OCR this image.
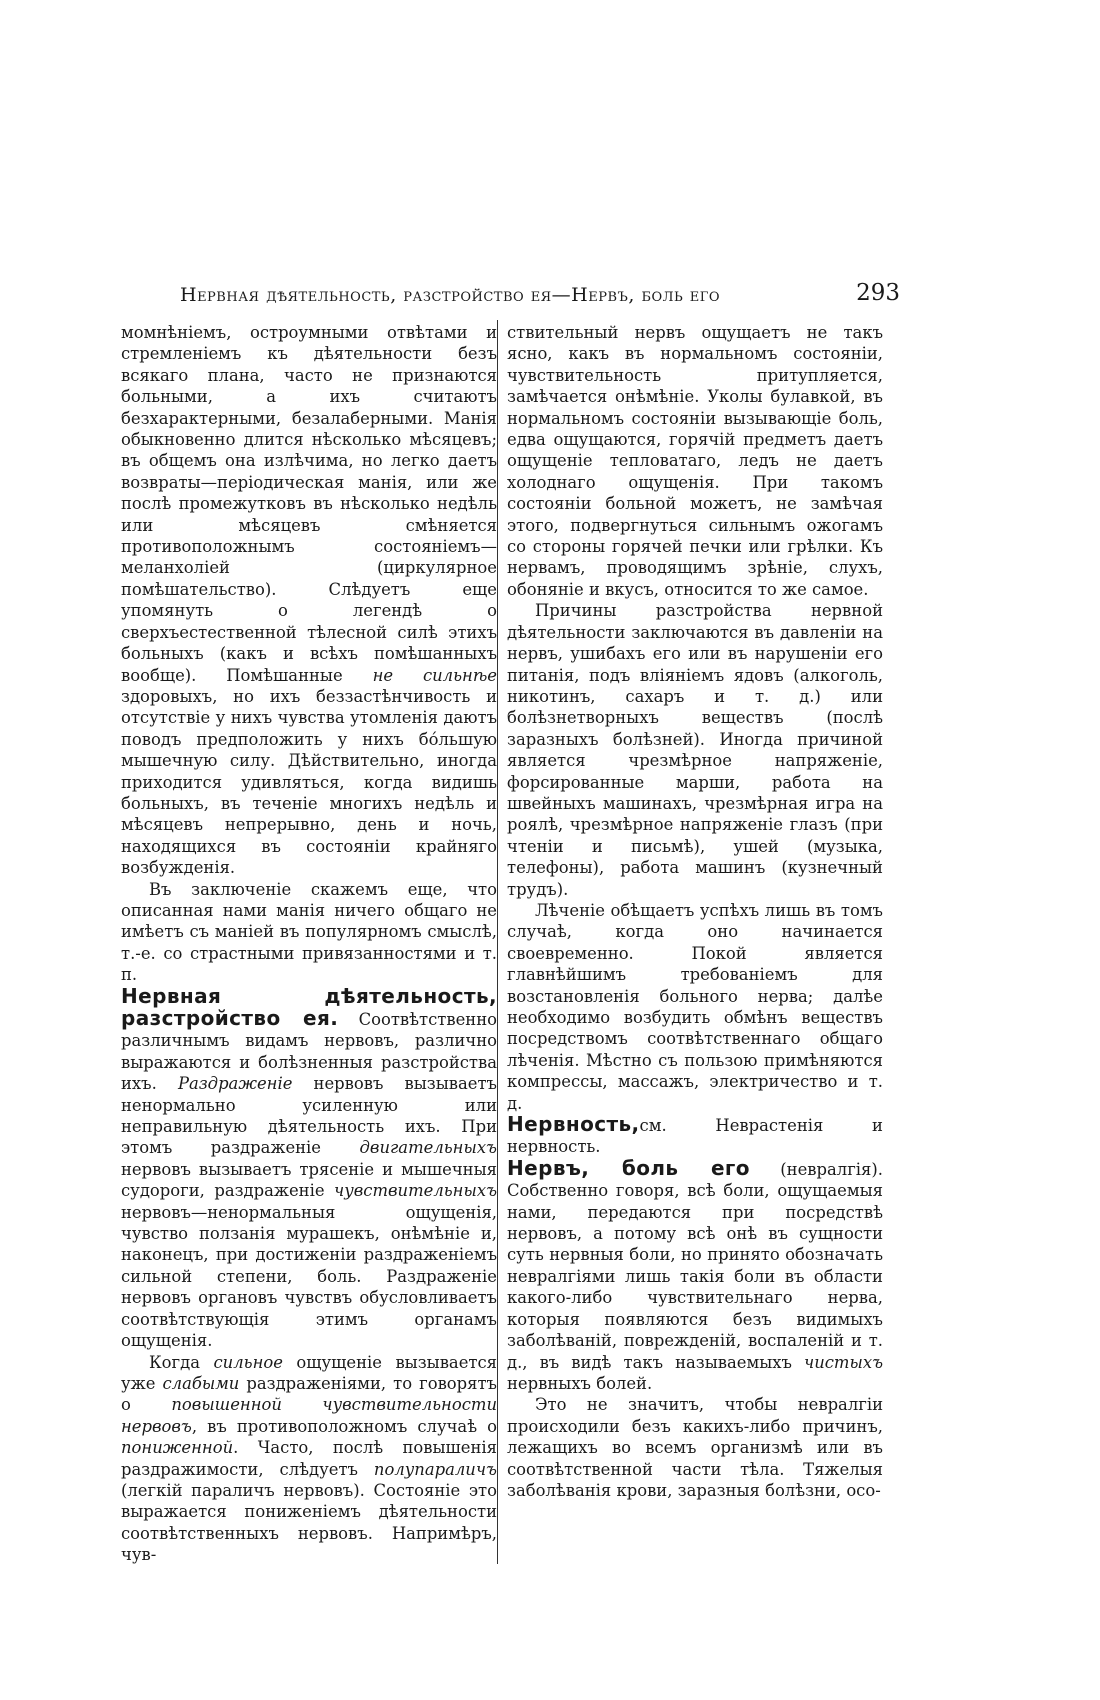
Нервная дѣятельность, разстройство ея—Нервъ, боль его	293

момнѣніемъ, остроумными отвѣтами и стремленіемъ къ дѣятельности безъ всякаго плана, часто не признаются больными, а ихъ считаютъ безхарактерными, безалаберными. Манія обыкновенно длится нѣсколько мѣсяцевъ; въ общемъ она излѣчима, но легко даетъ возвраты—періодическая манія, или же послѣ промежутковъ въ нѣсколько недѣль или мѣсяцевъ смѣняется противоположнымъ состояніемъ—меланхоліей (циркулярное помѣшательство). Слѣдуетъ еще упомянуть о легендѣ о сверхъестественной тѣлесной силѣ этихъ больныхъ (какъ и всѣхъ помѣшанныхъ вообще). Помѣшанные не сильнѣе здоровыхъ, но ихъ беззастѣнчивость и отсутствіе у нихъ чувства утомленія даютъ поводъ предположить у нихъ бо́льшую мышечную силу. Дѣйствительно, иногда приходится удивляться, когда видишь больныхъ, въ теченіе многихъ недѣль и мѣсяцевъ непрерывно, день и ночь, находящихся въ состояніи крайняго возбужденія.

Въ заключеніе скажемъ еще, что описанная нами манія ничего общаго не имѣетъ съ маніей въ популярномъ смыслѣ, т.-е. со страстными привязанностями и т. п.

Нервная дѣятельность, разстройство ея. Соотвѣтственно различнымъ видамъ нервовъ, различно выражаются и болѣзненныя разстройства ихъ. Раздраженіе нервовъ вызываетъ ненормально усиленную или неправильную дѣятельность ихъ. При этомъ раздраженіе двигательныхъ нервовъ вызываетъ трясеніе и мышечныя судороги, раздраженіе чувствительныхъ нервовъ—ненормальныя ощущенія, чувство ползанія мурашекъ, онѣмѣніе и, наконецъ, при достиженіи раздраженіемъ сильной степени, боль. Раздраженіе нервовъ органовъ чувствъ обусловливаетъ соотвѣтствующія этимъ органамъ ощущенія.

Когда сильное ощущеніе вызывается уже слабыми раздраженіями, то говорятъ о повышенной чувствительности нервовъ, въ противоположномъ случаѣ о пониженной. Часто, послѣ повышенія раздражимости, слѣдуетъ полупараличъ (легкій параличъ нервовъ). Состояніе это выражается пониженіемъ дѣятельности соотвѣтственныхъ нервовъ. Напримѣръ, чув-

ствительный нервъ ощущаетъ не такъ ясно, какъ въ нормальномъ состояніи, чувствительность притупляется, замѣчается онѣмѣніе. Уколы булавкой, въ нормальномъ состояніи вызывающіе боль, едва ощущаются, горячій предметъ даетъ ощущеніе тепловатаго, ледъ не даетъ холоднаго ощущенія. При такомъ состояніи больной можетъ, не замѣчая этого, подвергнуться сильнымъ ожогамъ со стороны горячей печки или грѣлки. Къ нервамъ, проводящимъ зрѣніе, слухъ, обоняніе и вкусъ, относится то же самое.

Причины разстройства нервной дѣятельности заключаются въ давленіи на нервъ, ушибахъ его или въ нарушеніи его питанія, подъ вліяніемъ ядовъ (алкоголь, никотинъ, сахаръ и т. д.) или болѣзнетворныхъ веществъ (послѣ заразныхъ болѣзней). Иногда причиной является чрезмѣрное напряженіе, форсированные марши, работа на швейныхъ машинахъ, чрезмѣрная игра на роялѣ, чрезмѣрное напряженіе глазъ (при чтеніи и письмѣ), ушей (музыка, телефоны), работа машинъ (кузнечный трудъ).

Лѣченіе обѣщаетъ успѣхъ лишь въ томъ случаѣ, когда оно начинается своевременно. Покой является главнѣйшимъ требованіемъ для возстановленія больного нерва; далѣе необходимо возбудить обмѣнъ веществъ посредствомъ соотвѣтственнаго общаго лѣченія. Мѣстно съ пользою примѣняются компрессы, массажъ, электричество и т. д.

Нервность,см. Неврастенія и нервность.

Нервъ, боль его (невралгія). Собственно говоря, всѣ боли, ощущаемыя нами, передаются при посредствѣ нервовъ, а потому всѣ онѣ въ сущности суть нервныя боли, но принято обозначать невралгіями лишь такія боли въ области какого-либо чувствительнаго нерва, которыя появляются безъ видимыхъ заболѣваній, поврежденій, воспаленій и т. д., въ видѣ такъ называемыхъ чистыхъ нервныхъ болей.

Это не значитъ, чтобы невралгіи происходили безъ какихъ-либо причинъ, лежащихъ во всемъ организмѣ или въ соотвѣтственной части тѣла. Тяжелыя заболѣванія крови, заразныя болѣзни, осо-
